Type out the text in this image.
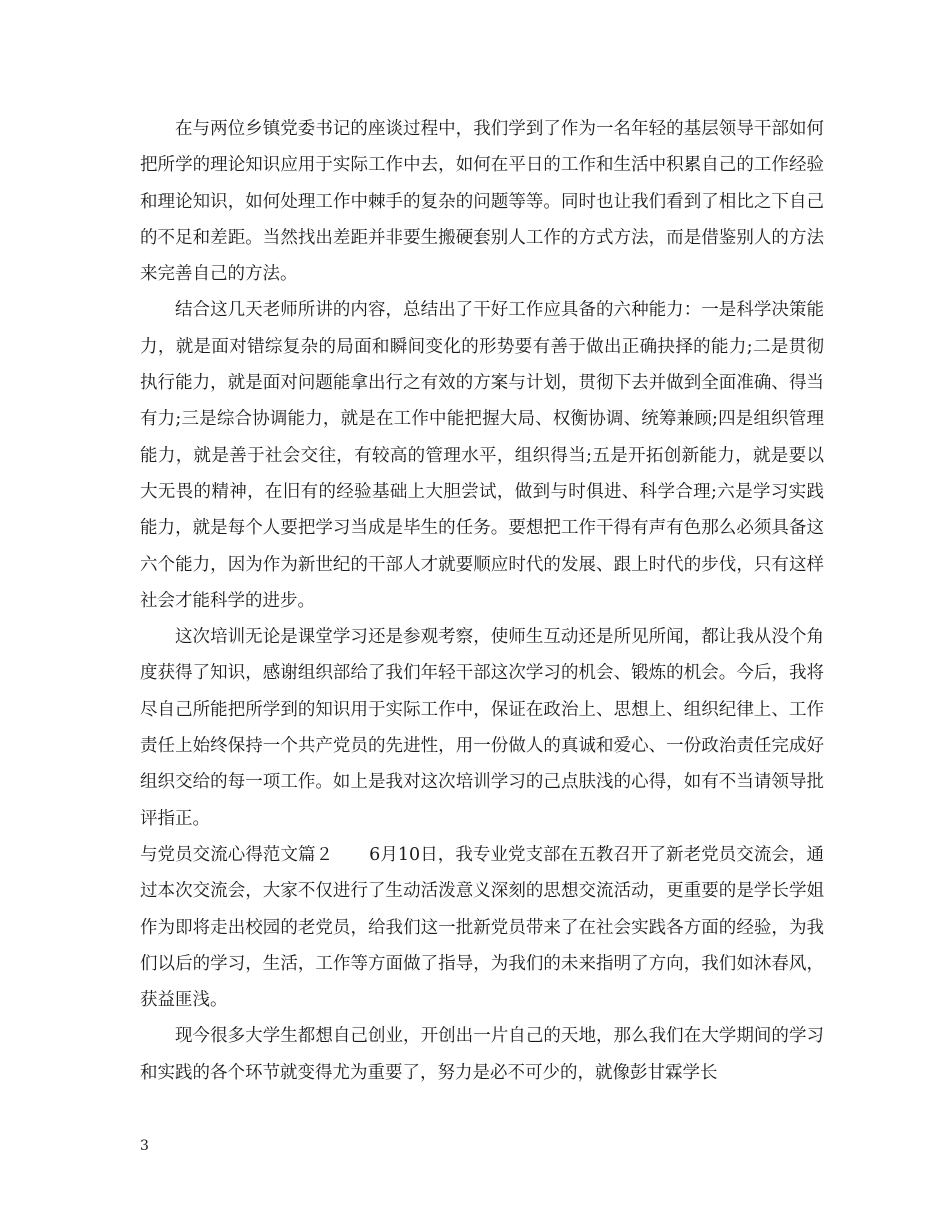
在与两位乡镇党委书记的座谈过程中，我们学到了作为一名年轻的基层领导干部如何把所学的理论知识应用于实际工作中去，如何在平日的工作和生活中积累自己的工作经验和理论知识，如何处理工作中棘手的复杂的问题等等。同时也让我们看到了相比之下自己的不足和差距。当然找出差距并非要生搬硬套别人工作的方式方法，而是借鉴别人的方法来完善自己的方法。

结合这几天老师所讲的内容，总结出了干好工作应具备的六种能力：一是科学决策能力，就是面对错综复杂的局面和瞬间变化的形势要有善于做出正确抉择的能力;二是贯彻执行能力，就是面对问题能拿出行之有效的方案与计划，贯彻下去并做到全面准确、得当有力;三是综合协调能力，就是在工作中能把握大局、权衡协调、统筹兼顾;四是组织管理能力，就是善于社会交往，有较高的管理水平，组织得当;五是开拓创新能力，就是要以大无畏的精神，在旧有的经验基础上大胆尝试，做到与时俱进、科学合理;六是学习实践能力，就是每个人要把学习当成是毕生的任务。要想把工作干得有声有色那么必须具备这六个能力，因为作为新世纪的干部人才就要顺应时代的发展、跟上时代的步伐，只有这样社会才能科学的进步。

这次培训无论是课堂学习还是参观考察，使师生互动还是所见所闻，都让我从没个角度获得了知识，感谢组织部给了我们年轻干部这次学习的机会、锻炼的机会。今后，我将尽自己所能把所学到的知识用于实际工作中，保证在政治上、思想上、组织纪律上、工作责任上始终保持一个共产党员的先进性，用一份做人的真诚和爱心、一份政治责任完成好组织交给的每一项工作。如上是我对这次培训学习的己点肤浅的心得，如有不当请领导批评指正。

与党员交流心得范文篇２ 6月10日，我专业党支部在五教召开了新老党员交流会，通过本次交流会，大家不仅进行了生动活泼意义深刻的思想交流活动，更重要的是学长学姐作为即将走出校园的老党员，给我们这一批新党员带来了在社会实践各方面的经验，为我们以后的学习，生活，工作等方面做了指导，为我们的未来指明了方向，我们如沐春风，获益匪浅。

现今很多大学生都想自己创业，开创出一片自己的天地，那么我们在大学期间的学习和实践的各个环节就变得尤为重要了，努力是必不可少的，就像彭甘霖学长

3
